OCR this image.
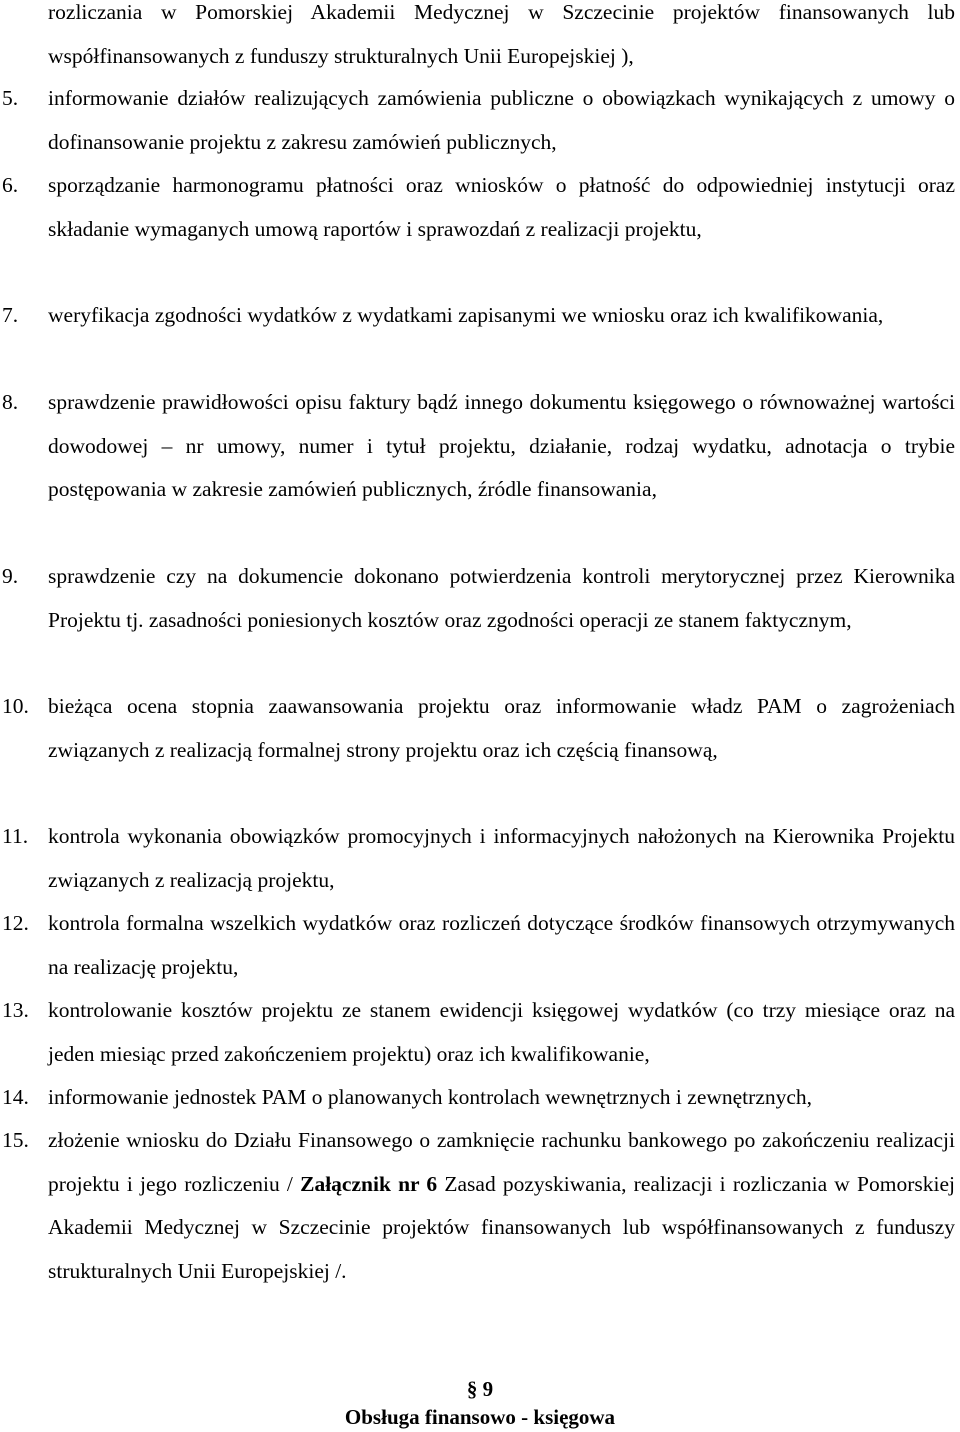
rozliczania w Pomorskiej Akademii Medycznej w Szczecinie projektów finansowanych lub współfinansowanych z funduszy strukturalnych Unii Europejskiej ),
5. informowanie działów realizujących zamówienia publiczne o obowiązkach wynikających z umowy o dofinansowanie projektu z zakresu zamówień publicznych,
6. sporządzanie harmonogramu płatności oraz wniosków o płatność do odpowiedniej instytucji oraz składanie wymaganych umową raportów i sprawozdań z realizacji projektu,
7. weryfikacja zgodności wydatków z wydatkami zapisanymi we wniosku oraz ich kwalifikowania,
8. sprawdzenie prawidłowości opisu faktury bądź innego dokumentu księgowego o równoważnej wartości dowodowej – nr umowy, numer i tytuł projektu, działanie, rodzaj wydatku, adnotacja o trybie postępowania w zakresie zamówień publicznych, źródle finansowania,
9. sprawdzenie czy na dokumencie dokonano potwierdzenia kontroli merytorycznej przez Kierownika Projektu tj. zasadności poniesionych kosztów oraz zgodności operacji ze stanem faktycznym,
10. bieżąca ocena stopnia zaawansowania projektu oraz informowanie władz PAM o zagrożeniach związanych z realizacją formalnej strony projektu oraz ich częścią finansową,
11. kontrola wykonania obowiązków promocyjnych i informacyjnych nałożonych na Kierownika Projektu związanych z realizacją projektu,
12. kontrola formalna wszelkich wydatków oraz rozliczeń dotyczące środków finansowych otrzymywanych na realizację projektu,
13. kontrolowanie kosztów projektu ze stanem ewidencji księgowej wydatków (co trzy miesiące oraz na jeden miesiąc przed zakończeniem projektu) oraz ich kwalifikowanie,
14. informowanie jednostek PAM o planowanych kontrolach wewnętrznych i zewnętrznych,
15. złożenie wniosku do Działu Finansowego o zamknięcie rachunku bankowego po zakończeniu realizacji projektu i jego rozliczeniu / Załącznik nr 6 Zasad pozyskiwania, realizacji i rozliczania w Pomorskiej Akademii Medycznej w Szczecinie projektów finansowanych lub współfinansowanych z funduszy strukturalnych Unii Europejskiej /.
§ 9
Obsługa finansowo - księgowa
